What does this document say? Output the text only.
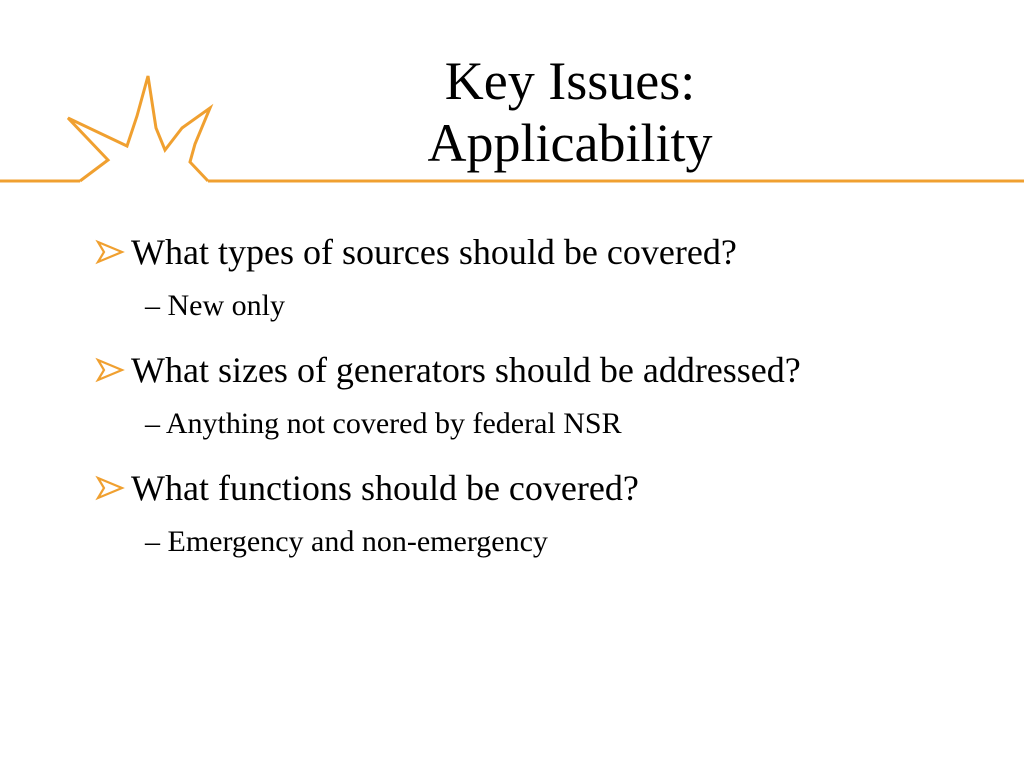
Key Issues:
Applicability
What types of sources should be covered?
– New only
What sizes of generators should be addressed?
– Anything not covered by federal NSR
What functions should be covered?
– Emergency and non-emergency
